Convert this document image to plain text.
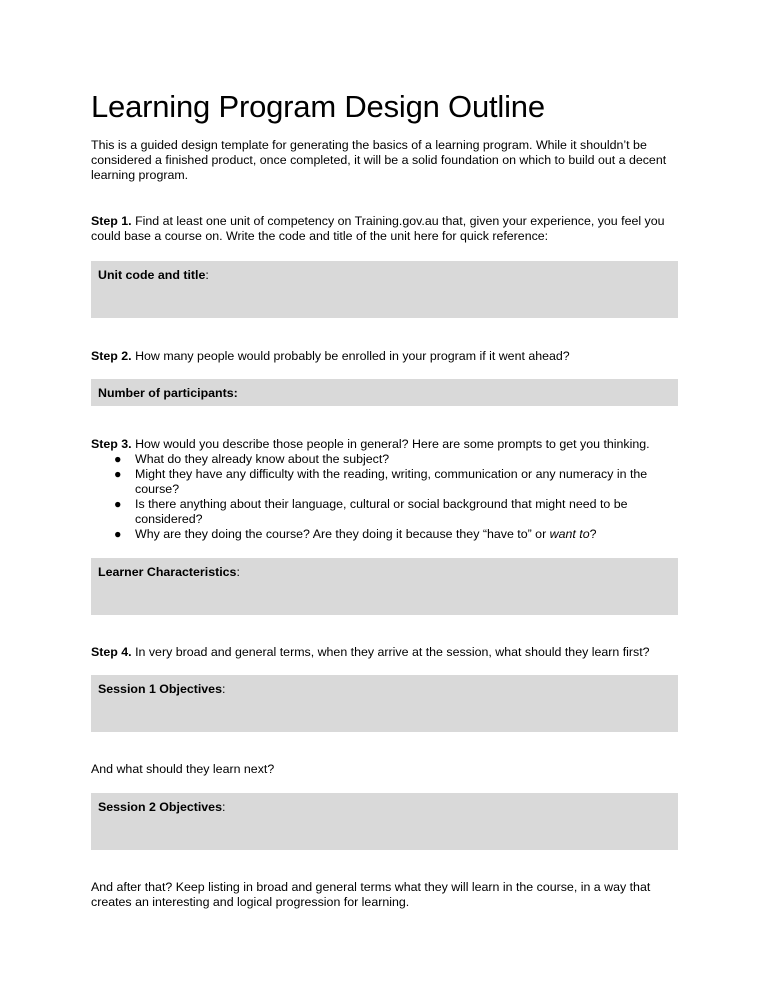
Learning Program Design Outline

This is a guided design template for generating the basics of a learning program. While it shouldn’t be considered a finished product, once completed, it will be a solid foundation on which to build out a decent learning program.

Step 1. Find at least one unit of competency on Training.gov.au that, given your experience, you feel you could base a course on. Write the code and title of the unit here for quick reference:

Unit code and title:

Step 2. How many people would probably be enrolled in your program if it went ahead?

Number of participants:

Step 3. How would you describe those people in general? Here are some prompts to get you thinking.

● What do they already know about the subject?
● Might they have any difficulty with the reading, writing, communication or any numeracy in the course?
● Is there anything about their language, cultural or social background that might need to be considered?
● Why are they doing the course? Are they doing it because they “have to” or want to?
Learner Characteristics:

Step 4. In very broad and general terms, when they arrive at the session, what should they learn first?

Session 1 Objectives:

And what should they learn next?

Session 2 Objectives:

And after that? Keep listing in broad and general terms what they will learn in the course, in a way that creates an interesting and logical progression for learning.
